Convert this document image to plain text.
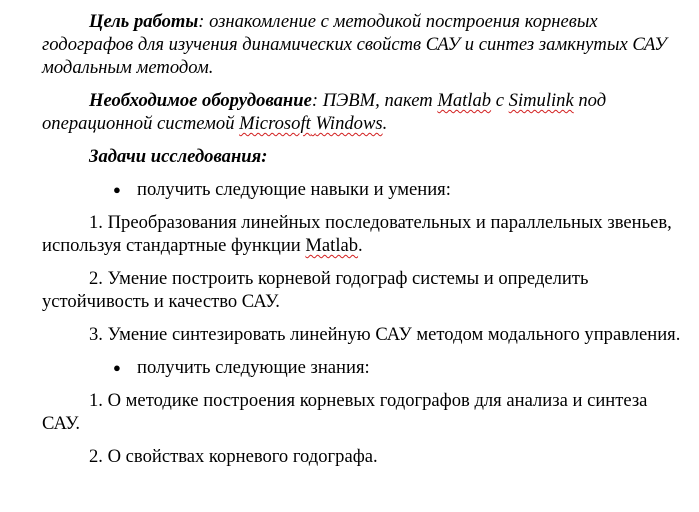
Цель работы: ознакомление с методикой построения корневых годографов для изучения динамических свойств САУ и синтез замкнутых САУ модальным методом.

Необходимое оборудование: ПЭВМ, пакет Matlab с Simulink под операционной системой Microsoft Windows.

Задачи исследования:

● получить следующие навыки и умения:

1. Преобразования линейных последовательных и параллельных звеньев, используя стандартные функции Matlab.

2. Умение построить корневой годограф системы и определить устойчивость и качество САУ.

3. Умение синтезировать линейную САУ методом модального управления.

● получить следующие знания:

1. О методике построения корневых годографов для анализа и синтеза САУ.

2. О свойствах корневого годографа.
